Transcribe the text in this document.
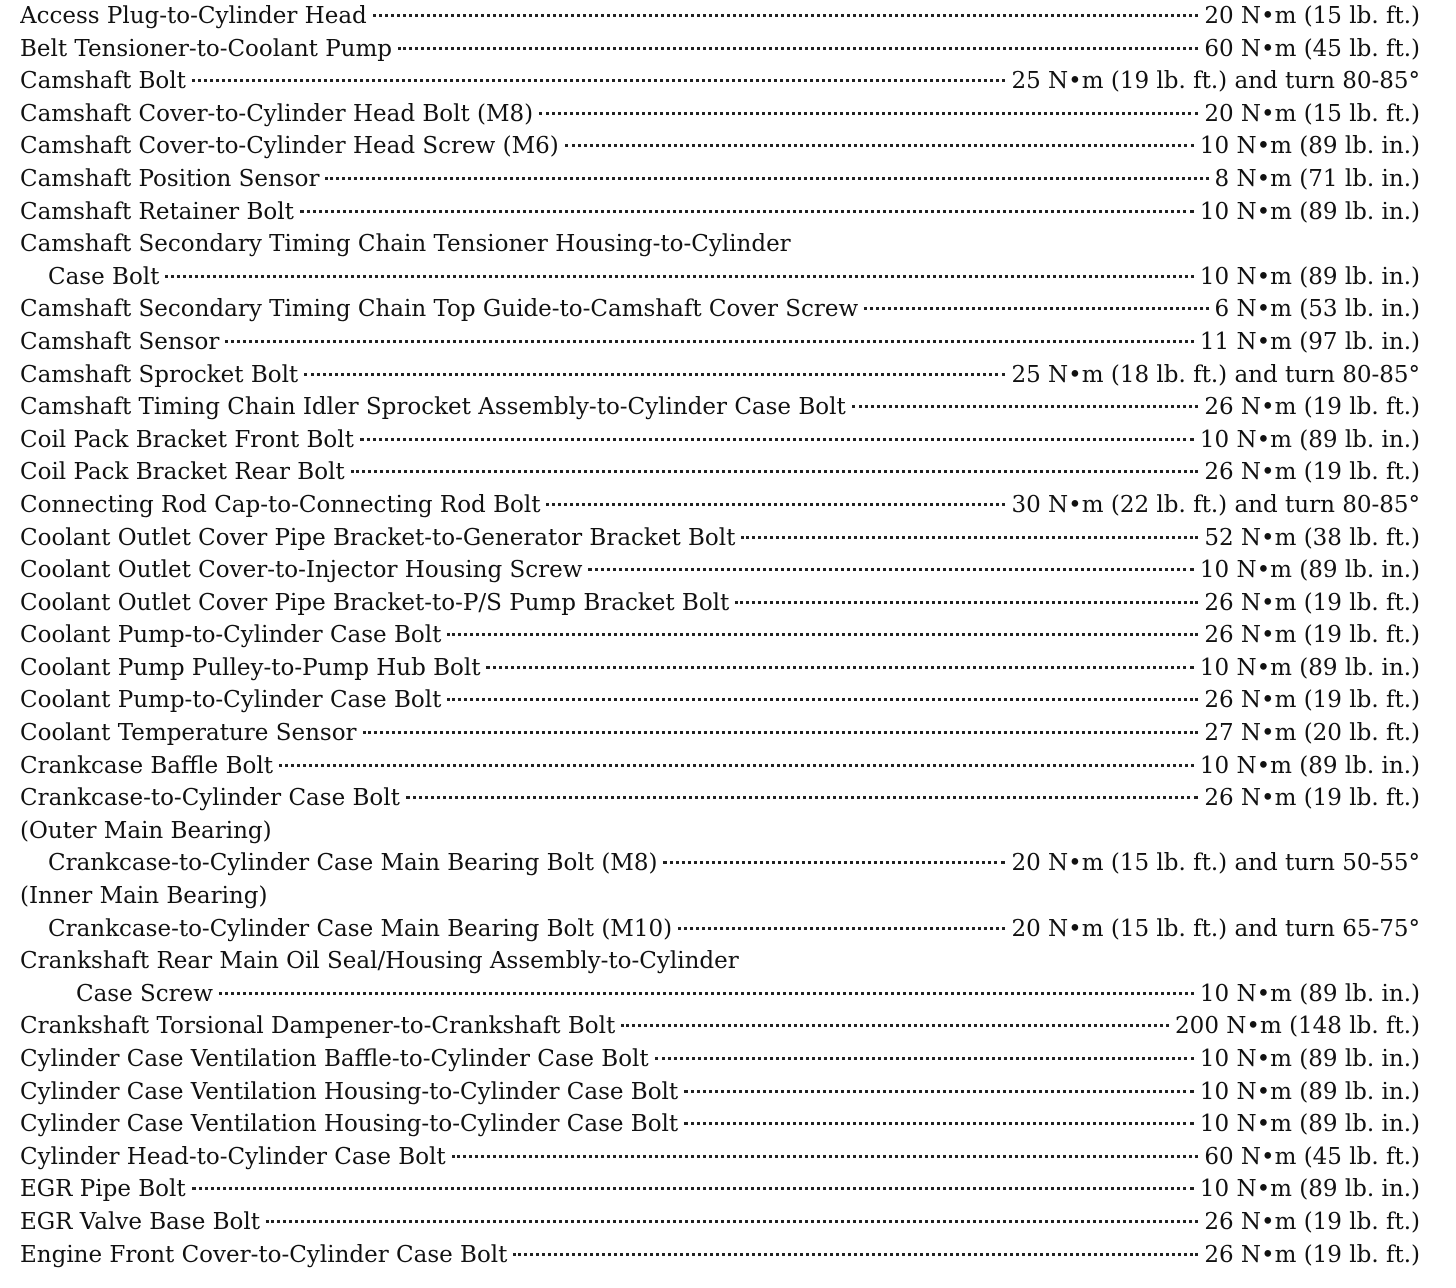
Access Plug-to-Cylinder Head	20 N•m (15 lb. ft.)
Belt Tensioner-to-Coolant Pump	60 N•m (45 lb. ft.)
Camshaft Bolt	25 N•m (19 lb. ft.) and turn 80-85°
Camshaft Cover-to-Cylinder Head Bolt (M8)	20 N•m (15 lb. ft.)
Camshaft Cover-to-Cylinder Head Screw (M6)	10 N•m (89 lb. in.)
Camshaft Position Sensor	8 N•m (71 lb. in.)
Camshaft Retainer Bolt	10 N•m (89 lb. in.)
Camshaft Secondary Timing Chain Tensioner Housing-to-Cylinder
Case Bolt	10 N•m (89 lb. in.)
Camshaft Secondary Timing Chain Top Guide-to-Camshaft Cover Screw	6 N•m (53 lb. in.)
Camshaft Sensor	11 N•m (97 lb. in.)
Camshaft Sprocket Bolt	25 N•m (18 lb. ft.) and turn 80-85°
Camshaft Timing Chain Idler Sprocket Assembly-to-Cylinder Case Bolt	26 N•m (19 lb. ft.)
Coil Pack Bracket Front Bolt	10 N•m (89 lb. in.)
Coil Pack Bracket Rear Bolt	26 N•m (19 lb. ft.)
Connecting Rod Cap-to-Connecting Rod Bolt	30 N•m (22 lb. ft.) and turn 80-85°
Coolant Outlet Cover Pipe Bracket-to-Generator Bracket Bolt	52 N•m (38 lb. ft.)
Coolant Outlet Cover-to-Injector Housing Screw	10 N•m (89 lb. in.)
Coolant Outlet Cover Pipe Bracket-to-P/S Pump Bracket Bolt	26 N•m (19 lb. ft.)
Coolant Pump-to-Cylinder Case Bolt	26 N•m (19 lb. ft.)
Coolant Pump Pulley-to-Pump Hub Bolt	10 N•m (89 lb. in.)
Coolant Pump-to-Cylinder Case Bolt	26 N•m (19 lb. ft.)
Coolant Temperature Sensor	27 N•m (20 lb. ft.)
Crankcase Baffle Bolt	10 N•m (89 lb. in.)
Crankcase-to-Cylinder Case Bolt	26 N•m (19 lb. ft.)
(Outer Main Bearing)
Crankcase-to-Cylinder Case Main Bearing Bolt (M8)	20 N•m (15 lb. ft.) and turn 50-55°
(Inner Main Bearing)
Crankcase-to-Cylinder Case Main Bearing Bolt (M10)	20 N•m (15 lb. ft.) and turn 65-75°
Crankshaft Rear Main Oil Seal/Housing Assembly-to-Cylinder
Case Screw	10 N•m (89 lb. in.)
Crankshaft Torsional Dampener-to-Crankshaft Bolt	200 N•m (148 lb. ft.)
Cylinder Case Ventilation Baffle-to-Cylinder Case Bolt	10 N•m (89 lb. in.)
Cylinder Case Ventilation Housing-to-Cylinder Case Bolt	10 N•m (89 lb. in.)
Cylinder Case Ventilation Housing-to-Cylinder Case Bolt	10 N•m (89 lb. in.)
Cylinder Head-to-Cylinder Case Bolt	60 N•m (45 lb. ft.)
EGR Pipe Bolt	10 N•m (89 lb. in.)
EGR Valve Base Bolt	26 N•m (19 lb. ft.)
Engine Front Cover-to-Cylinder Case Bolt	26 N•m (19 lb. ft.)
